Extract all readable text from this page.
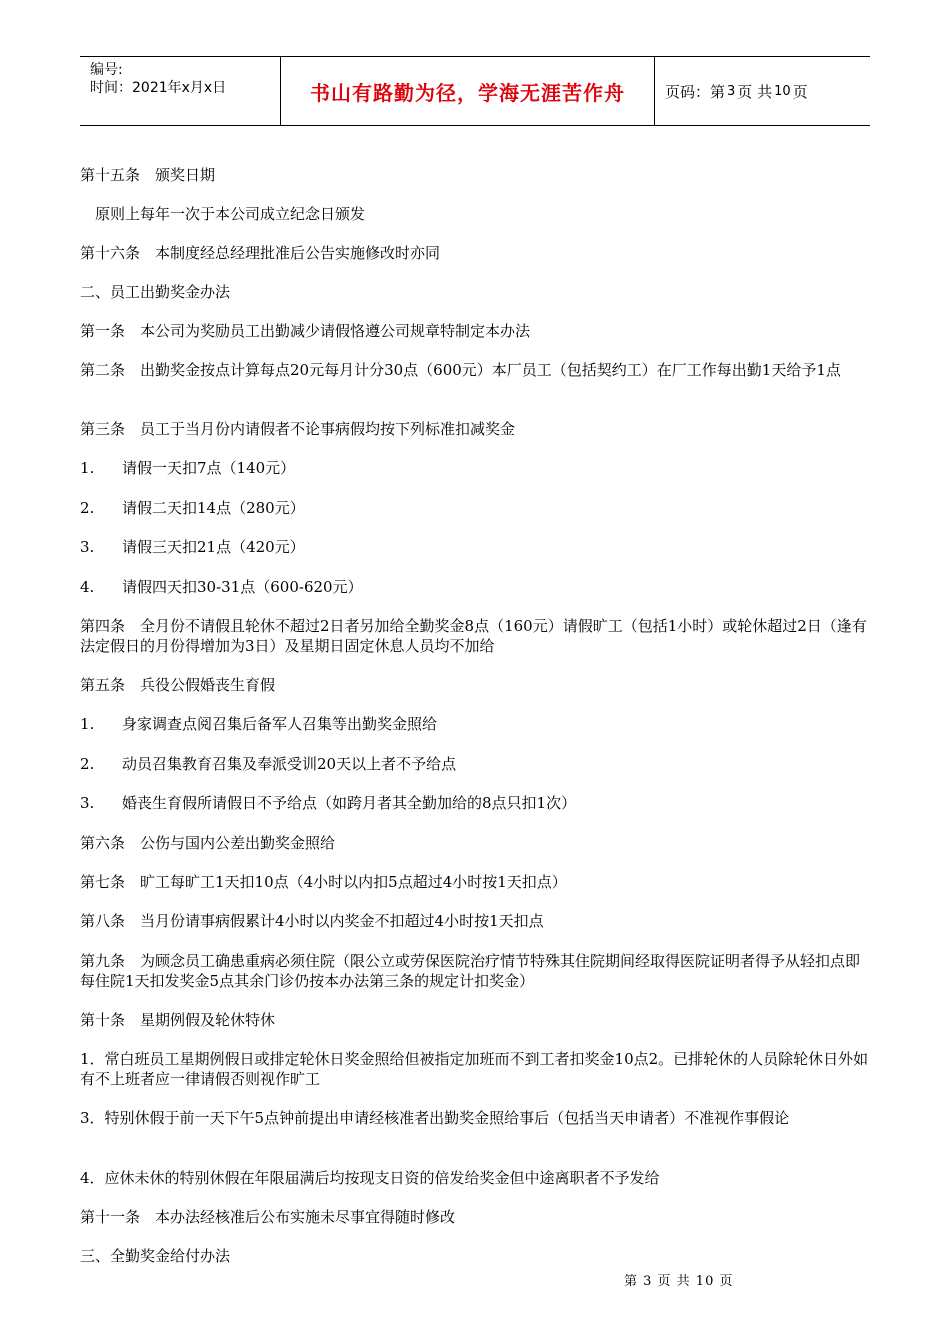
编号:
时间：2021年x月x日	书山有路勤为径，学海无涯苦作舟	页码：第 3 页 共 10 页
第十五条　颁奖日期
　原则上每年一次于本公司成立纪念日颁发
第十六条　本制度经总经理批准后公告实施修改时亦同
二、员工出勤奖金办法
第一条　本公司为奖励员工出勤减少请假恪遵公司规章特制定本办法
第二条　出勤奖金按点计算每点20元每月计分30点（600元）本厂员工（包括契约工）在厂工作每出勤1天给予1点
第三条　员工于当月份内请假者不论事病假均按下列标准扣减奖金
1. 请假一天扣7点（140元）
2. 请假二天扣14点（280元）
3. 请假三天扣21点（420元）
4. 请假四天扣30-31点（600-620元）
第四条　全月份不请假且轮休不超过2日者另加给全勤奖金8点（160元）请假旷工（包括1小时）或轮休超过2日（逢有法定假日的月份得增加为3日）及星期日固定休息人员均不加给
第五条　兵役公假婚丧生育假
1. 身家调查点阅召集后备军人召集等出勤奖金照给
2. 动员召集教育召集及奉派受训20天以上者不予给点
3. 婚丧生育假所请假日不予给点（如跨月者其全勤加给的8点只扣1次）
第六条　公伤与国内公差出勤奖金照给
第七条　旷工每旷工1天扣10点（4小时以内扣5点超过4小时按1天扣点）
第八条　当月份请事病假累计4小时以内奖金不扣超过4小时按1天扣点
第九条　为顾念员工确患重病必须住院（限公立或劳保医院治疗情节特殊其住院期间经取得医院证明者得予从轻扣点即每住院1天扣发奖金5点其余门诊仍按本办法第三条的规定计扣奖金）
第十条　星期例假及轮休特休
1．常白班员工星期例假日或排定轮休日奖金照给但被指定加班而不到工者扣奖金10点2。已排轮休的人员除轮休日外如有不上班者应一律请假否则视作旷工
3．特别休假于前一天下午5点钟前提出申请经核准者出勤奖金照给事后（包括当天申请者）不准视作事假论
4．应休未休的特别休假在年限届满后均按现支日资的倍发给奖金但中途离职者不予发给
第十一条　本办法经核准后公布实施未尽事宜得随时修改
三、全勤奖金给付办法
第 3 页 共 10 页
